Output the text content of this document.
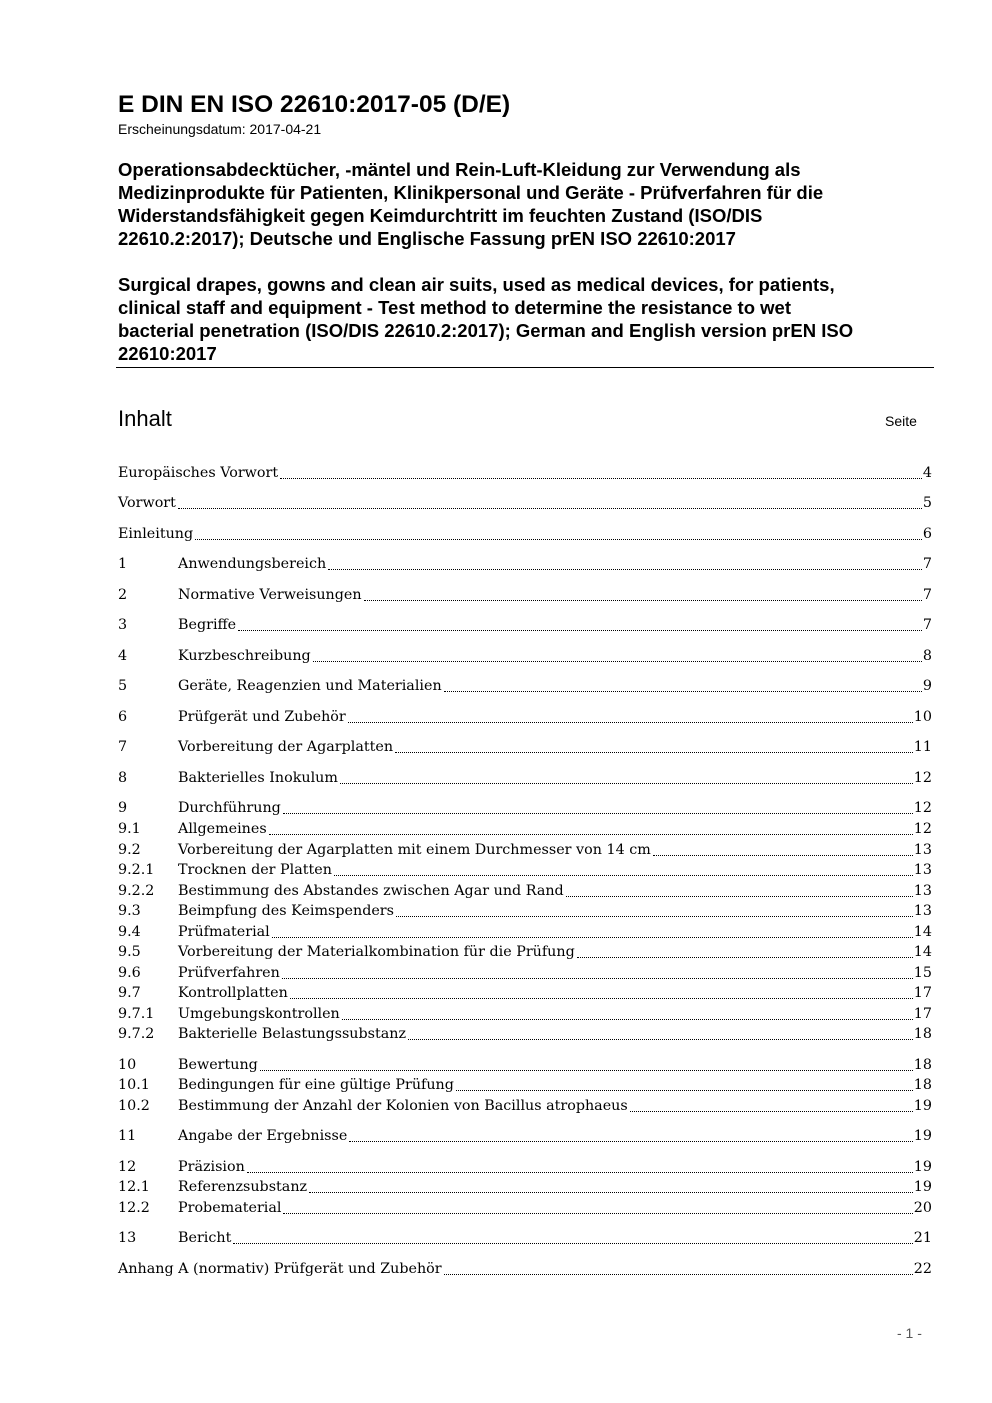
E DIN EN ISO 22610:2017-05 (D/E)
Erscheinungsdatum: 2017-04-21
Operationsabdecktücher, -mäntel und Rein-Luft-Kleidung zur Verwendung als
Medizinprodukte für Patienten, Klinikpersonal und Geräte - Prüfverfahren für die
Widerstandsfähigkeit gegen Keimdurchtritt im feuchten Zustand (ISO/DIS
22610.2:2017); Deutsche und Englische Fassung prEN ISO 22610:2017
Surgical drapes, gowns and clean air suits, used as medical devices, for patients,
clinical staff and equipment - Test method to determine the resistance to wet
bacterial penetration (ISO/DIS 22610.2:2017); German and English version prEN ISO
22610:2017
Inhalt	Seite
Europäisches Vorwort	4
Vorwort	5
Einleitung	6
1	Anwendungsbereich	7
2	Normative Verweisungen	7
3	Begriffe	7
4	Kurzbeschreibung	8
5	Geräte, Reagenzien und Materialien	9
6	Prüfgerät und Zubehör	10
7	Vorbereitung der Agarplatten	11
8	Bakterielles Inokulum	12
9	Durchführung	12
9.1	Allgemeines	12
9.2	Vorbereitung der Agarplatten mit einem Durchmesser von 14 cm	13
9.2.1	Trocknen der Platten	13
9.2.2	Bestimmung des Abstandes zwischen Agar und Rand	13
9.3	Beimpfung des Keimspenders	13
9.4	Prüfmaterial	14
9.5	Vorbereitung der Materialkombination für die Prüfung	14
9.6	Prüfverfahren	15
9.7	Kontrollplatten	17
9.7.1	Umgebungskontrollen	17
9.7.2	Bakterielle Belastungssubstanz	18
10	Bewertung	18
10.1	Bedingungen für eine gültige Prüfung	18
10.2	Bestimmung der Anzahl der Kolonien von Bacillus atrophaeus	19
11	Angabe der Ergebnisse	19
12	Präzision	19
12.1	Referenzsubstanz	19
12.2	Probematerial	20
13	Bericht	21
Anhang A (normativ) Prüfgerät und Zubehör	22
- 1 -
